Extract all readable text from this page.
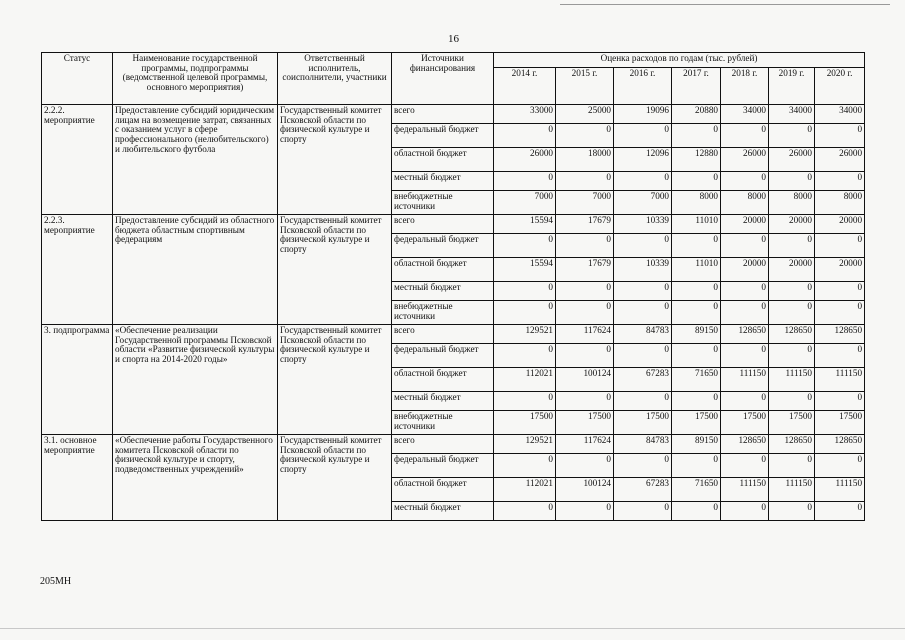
16
Статус	Наименование государственной программы, подпрограммы (ведомственной целевой программы, основного мероприятия)	Ответственный исполнитель, соисполнители, участники	Источники финансирования	Оценка расходов по годам (тыс. рублей)						
				2014 г.	2015 г.	2016 г.	2017 г.	2018 г.	2019 г.	2020 г.
2.2.2. мероприятие	Предоставление субсидий юридическим лицам на возмещение затрат, связанных с оказанием услуг в сфере профессионального (нелюбительского) и любительского футбола	Государственный комитет Псковской области по физической культуре и спорту	всего	33000	25000	19096	20880	34000	34000	34000
			федеральный бюджет	0	0	0	0	0	0	0
			областной бюджет	26000	18000	12096	12880	26000	26000	26000
			местный бюджет	0	0	0	0	0	0	0
			внебюджетные источники	7000	7000	7000	8000	8000	8000	8000
2.2.3. мероприятие	Предоставление субсидий из областного бюджета областным спортивным федерациям	Государственный комитет Псковской области по физической культуре и спорту	всего	15594	17679	10339	11010	20000	20000	20000
			федеральный бюджет	0	0	0	0	0	0	0
			областной бюджет	15594	17679	10339	11010	20000	20000	20000
			местный бюджет	0	0	0	0	0	0	0
			внебюджетные источники	0	0	0	0	0	0	0
3. подпрограмма	«Обеспечение реализации Государственной программы Псковской области «Развитие физической культуры и спорта на 2014-2020 годы»	Государственный комитет Псковской области по физической культуре и спорту	всего	129521	117624	84783	89150	128650	128650	128650
			федеральный бюджет	0	0	0	0	0	0	0
			областной бюджет	112021	100124	67283	71650	111150	111150	111150
			местный бюджет	0	0	0	0	0	0	0
			внебюджетные источники	17500	17500	17500	17500	17500	17500	17500
3.1. основное мероприятие	«Обеспечение работы Государственного комитета Псковской области по физической культуре и спорту, подведомственных учреждений»	Государственный комитет Псковской области по физической культуре и спорту	всего	129521	117624	84783	89150	128650	128650	128650
			федеральный бюджет	0	0	0	0	0	0	0
			областной бюджет	112021	100124	67283	71650	111150	111150	111150
			местный бюджет	0	0	0	0	0	0	0
205МН
